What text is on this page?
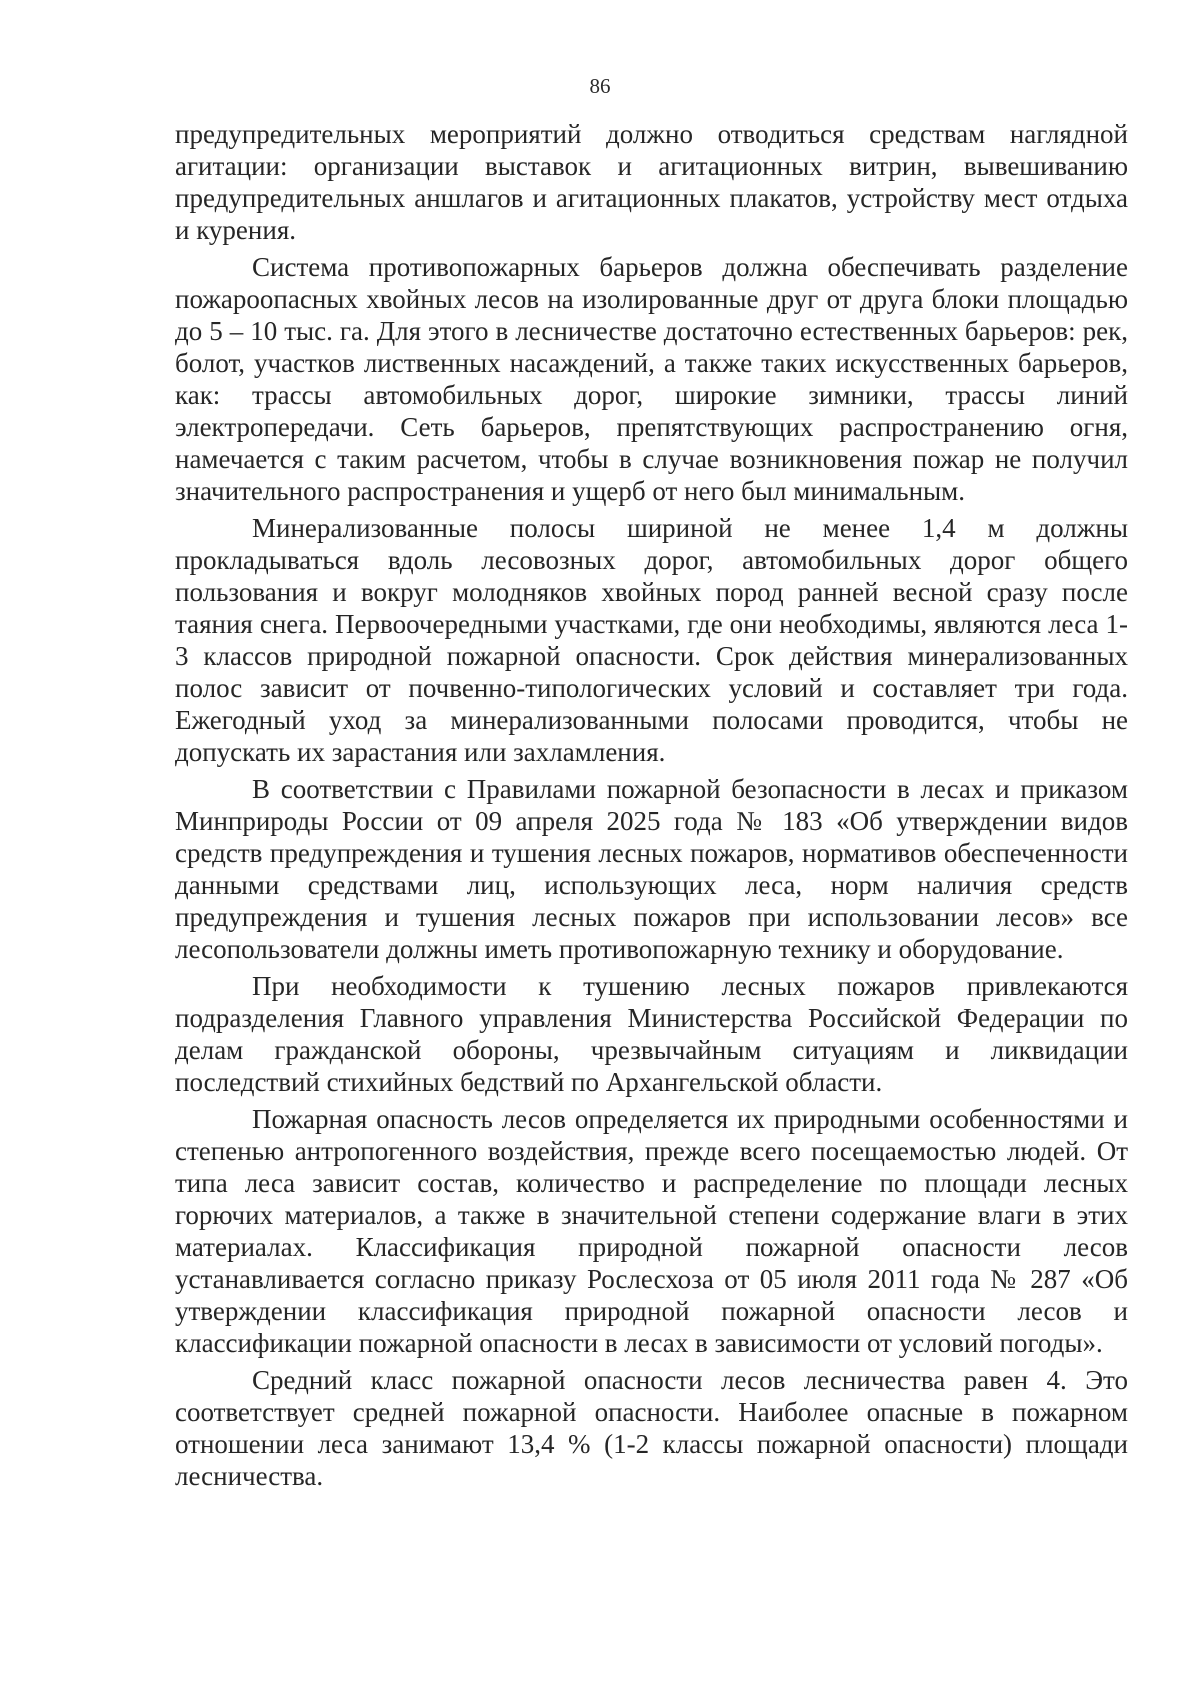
86

предупредительных мероприятий должно отводиться средствам наглядной агитации: организации выставок и агитационных витрин, вывешиванию предупредительных аншлагов и агитационных плакатов, устройству мест отдыха и курения.

Система противопожарных барьеров должна обеспечивать разделение пожароопасных хвойных лесов на изолированные друг от друга блоки площадью до 5 – 10 тыс. га. Для этого в лесничестве достаточно естественных барьеров: рек, болот, участков лиственных насаждений, а также таких искусственных барьеров, как: трассы автомобильных дорог, широкие зимники, трассы линий электропередачи. Сеть барьеров, препятствующих распространению огня, намечается с таким расчетом, чтобы в случае возникновения пожар не получил значительного распространения и ущерб от него был минимальным.

Минерализованные полосы шириной не менее 1,4 м должны прокладываться вдоль лесовозных дорог, автомобильных дорог общего пользования и вокруг молодняков хвойных пород ранней весной сразу после таяния снега. Первоочередными участками, где они необходимы, являются леса 1-3 классов природной пожарной опасности. Срок действия минерализованных полос зависит от почвенно-типологических условий и составляет три года. Ежегодный уход за минерализованными полосами проводится, чтобы не допускать их зарастания или захламления.

В соответствии с Правилами пожарной безопасности в лесах и приказом Минприроды России от 09 апреля 2025 года № 183 «Об утверждении видов средств предупреждения и тушения лесных пожаров, нормативов обеспеченности данными средствами лиц, использующих леса, норм наличия средств предупреждения и тушения лесных пожаров при использовании лесов» все лесопользователи должны иметь противопожарную технику и оборудование.

При необходимости к тушению лесных пожаров привлекаются подразделения Главного управления Министерства Российской Федерации по делам гражданской обороны, чрезвычайным ситуациям и ликвидации последствий стихийных бедствий по Архангельской области.

Пожарная опасность лесов определяется их природными особенностями и степенью антропогенного воздействия, прежде всего посещаемостью людей. От типа леса зависит состав, количество и распределение по площади лесных горючих материалов, а также в значительной степени содержание влаги в этих материалах. Классификация природной пожарной опасности лесов устанавливается согласно приказу Рослесхоза от 05 июля 2011 года № 287 «Об утверждении классификация природной пожарной опасности лесов и классификации пожарной опасности в лесах в зависимости от условий погоды».

Средний класс пожарной опасности лесов лесничества равен 4. Это соответствует средней пожарной опасности. Наиболее опасные в пожарном отношении леса занимают 13,4 % (1-2 классы пожарной опасности) площади лесничества.
